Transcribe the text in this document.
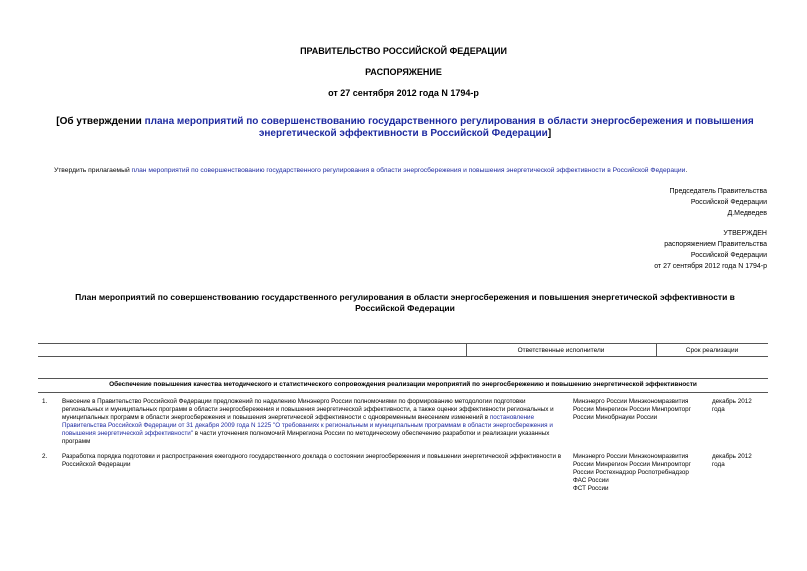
ПРАВИТЕЛЬСТВО РОССИЙСКОЙ ФЕДЕРАЦИИ
РАСПОРЯЖЕНИЕ
от 27 сентября 2012 года N 1794-р
[Об утверждении плана мероприятий по совершенствованию государственного регулирования в области энергосбережения и повышения энергетической эффективности в Российской Федерации]
Утвердить прилагаемый план мероприятий по совершенствованию государственного регулирования в области энергосбережения и повышения энергетической эффективности в Российской Федерации.
Председатель Правительства
Российской Федерации
Д.Медведев
УТВЕРЖДЕН
распоряжением Правительства
Российской Федерации
от 27 сентября 2012 года N 1794-р
План мероприятий по совершенствованию государственного регулирования в области энергосбережения и повышения энергетической эффективности в Российской Федерации
Ответственные исполнители	Срок реализации
Обеспечение повышения качества методического и статистического сопровождения реализации мероприятий по энергосбережению и повышению энергетической эффективности
1. Внесение в Правительство Российской Федерации предложений по наделению Минэнерго России полномочиями по формированию методологии подготовки региональных и муниципальных программ в области энергосбережения и повышения энергетической эффективности, а также оценки эффективности региональных и муниципальных программ в области энергосбережения и повышения энергетической эффективности с одновременным внесением изменений в постановление Правительства Российской Федерации от 31 декабря 2009 года N 1225 "О требованиях к региональным и муниципальным программам в области энергосбережения и повышения энергетической эффективности" в части уточнения полномочий Минрегиона России по методическому обеспечению разработки и реализации указанных программ
Минэнерго России Минэкономразвития
России Минрегион России Минпромторг
России Минобрнауки России
декабрь 2012
года
2. Разработка порядка подготовки и распространения ежегодного государственного доклада о состоянии энергосбережения и повышении энергетической эффективности в Российской Федерации
Минэнерго России Минэкономразвития
России Минрегион России Минпромторг
России Ростехнадзор Роспотребнадзор
ФАС России
ФСТ России
декабрь 2012
года
